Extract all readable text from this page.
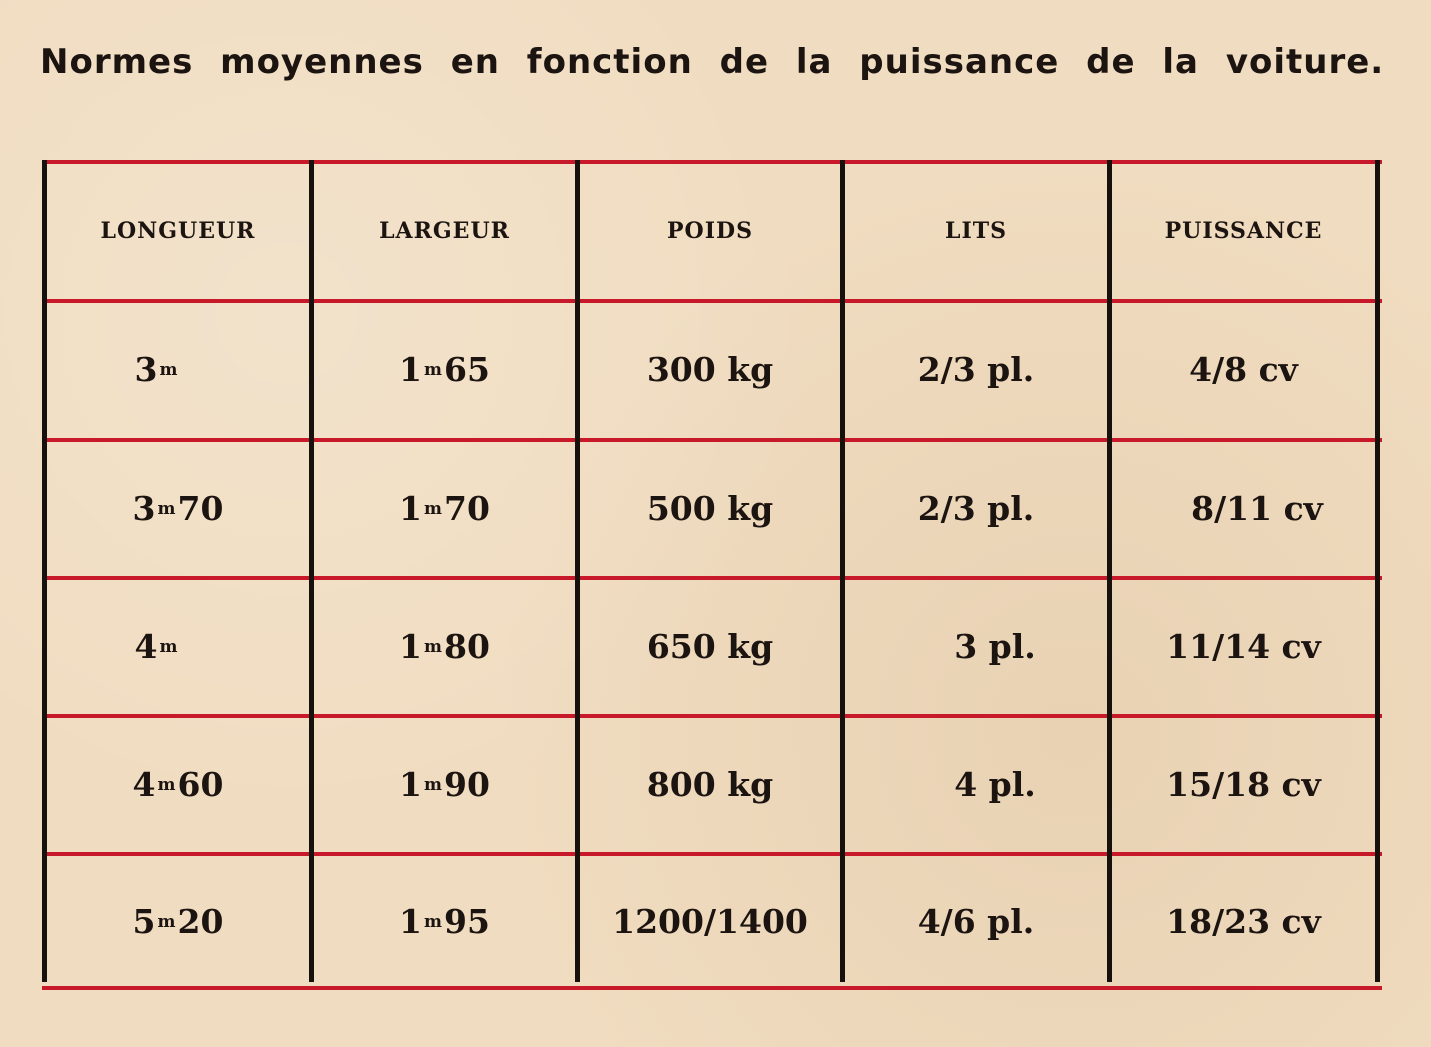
Normes moyennes en fonction de la puissance de la voiture.
LONGUEUR	LARGEUR	POIDS	LITS	PUISSANCE
3 m	1 m 65	300 kg	2/3 pl.	4/8 cv
3 m 70	1 m 70	500 kg	2/3 pl.	8/11 cv
4 m	1 m 80	650 kg	3 pl.	11/14 cv
4 m 60	1 m 90	800 kg	4 pl.	15/18 cv
5 m 20	1 m 95	1200/1400	4/6 pl.	18/23 cv
